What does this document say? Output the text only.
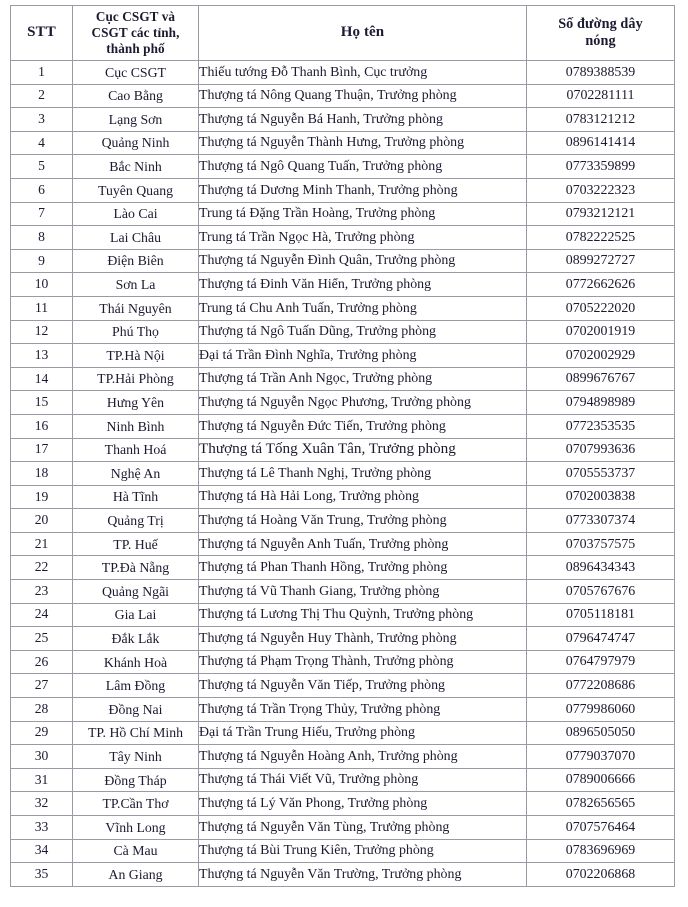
STT	Cục CSGT và
CSGT các tỉnh,
thành phố	Họ tên	Số đường dây
nóng
1	Cục CSGT	Thiếu tướng Đỗ Thanh Bình, Cục trưởng	0789388539
2	Cao Bằng	Thượng tá Nông Quang Thuận, Trưởng phòng	0702281111
3	Lạng Sơn	Thượng tá Nguyễn Bá Hanh, Trưởng phòng	0783121212
4	Quảng Ninh	Thượng tá Nguyễn Thành Hưng, Trưởng phòng	0896141414
5	Bắc Ninh	Thượng tá Ngô Quang Tuấn, Trưởng phòng	0773359899
6	Tuyên Quang	Thượng tá Dương Minh Thanh, Trưởng phòng	0703222323
7	Lào Cai	Trung tá Đặng Trần Hoàng, Trưởng phòng	0793212121
8	Lai Châu	Trung tá Trần Ngọc Hà, Trưởng phòng	0782222525
9	Điện Biên	Thượng tá Nguyễn Đình Quân, Trưởng phòng	0899272727
10	Sơn La	Thượng tá Đinh Văn Hiển, Trưởng phòng	0772662626
11	Thái Nguyên	Trung tá Chu Anh Tuấn, Trưởng phòng	0705222020
12	Phú Thọ	Thượng tá Ngô Tuấn Dũng, Trưởng phòng	0702001919
13	TP.Hà Nội	Đại tá Trần Đình Nghĩa, Trưởng phòng	0702002929
14	TP.Hải Phòng	Thượng tá Trần Anh Ngọc, Trưởng phòng	0899676767
15	Hưng Yên	Thượng tá Nguyễn Ngọc Phương, Trưởng phòng	0794898989
16	Ninh Bình	Thượng tá Nguyễn Đức Tiến, Trưởng phòng	0772353535
17	Thanh Hoá	Thượng tá Tống Xuân Tân, Trưởng phòng	0707993636
18	Nghệ An	Thượng tá Lê Thanh Nghị, Trưởng phòng	0705553737
19	Hà Tĩnh	Thượng tá Hà Hải Long, Trưởng phòng	0702003838
20	Quảng Trị	Thượng tá Hoàng Văn Trung, Trưởng phòng	0773307374
21	TP. Huế	Thượng tá Nguyễn Anh Tuấn, Trưởng phòng	0703757575
22	TP.Đà Nẵng	Thượng tá Phan Thanh Hồng, Trưởng phòng	0896434343
23	Quảng Ngãi	Thượng tá Vũ Thanh Giang, Trưởng phòng	0705767676
24	Gia Lai	Thượng tá Lương Thị Thu Quỳnh, Trưởng phòng	0705118181
25	Đắk Lắk	Thượng tá Nguyễn Huy Thành, Trưởng phòng	0796474747
26	Khánh Hoà	Thượng tá Phạm Trọng Thành, Trưởng phòng	0764797979
27	Lâm Đồng	Thượng tá Nguyễn Văn Tiếp, Trưởng phòng	0772208686
28	Đồng Nai	Thượng tá Trần Trọng Thủy, Trưởng phòng	0779986060
29	TP. Hồ Chí Minh	Đại tá Trần Trung Hiếu, Trưởng phòng	0896505050
30	Tây Ninh	Thượng tá Nguyễn Hoàng Anh, Trưởng phòng	0779037070
31	Đồng Tháp	Thượng tá Thái Viết Vũ, Trưởng phòng	0789006666
32	TP.Cần Thơ	Thượng tá Lý Văn Phong, Trưởng phòng	0782656565
33	Vĩnh Long	Thượng tá Nguyễn Văn Tùng, Trưởng phòng	0707576464
34	Cà Mau	Thượng tá Bùi Trung Kiên, Trưởng phòng	0783696969
35	An Giang	Thượng tá Nguyễn Văn Trường, Trưởng phòng	0702206868
